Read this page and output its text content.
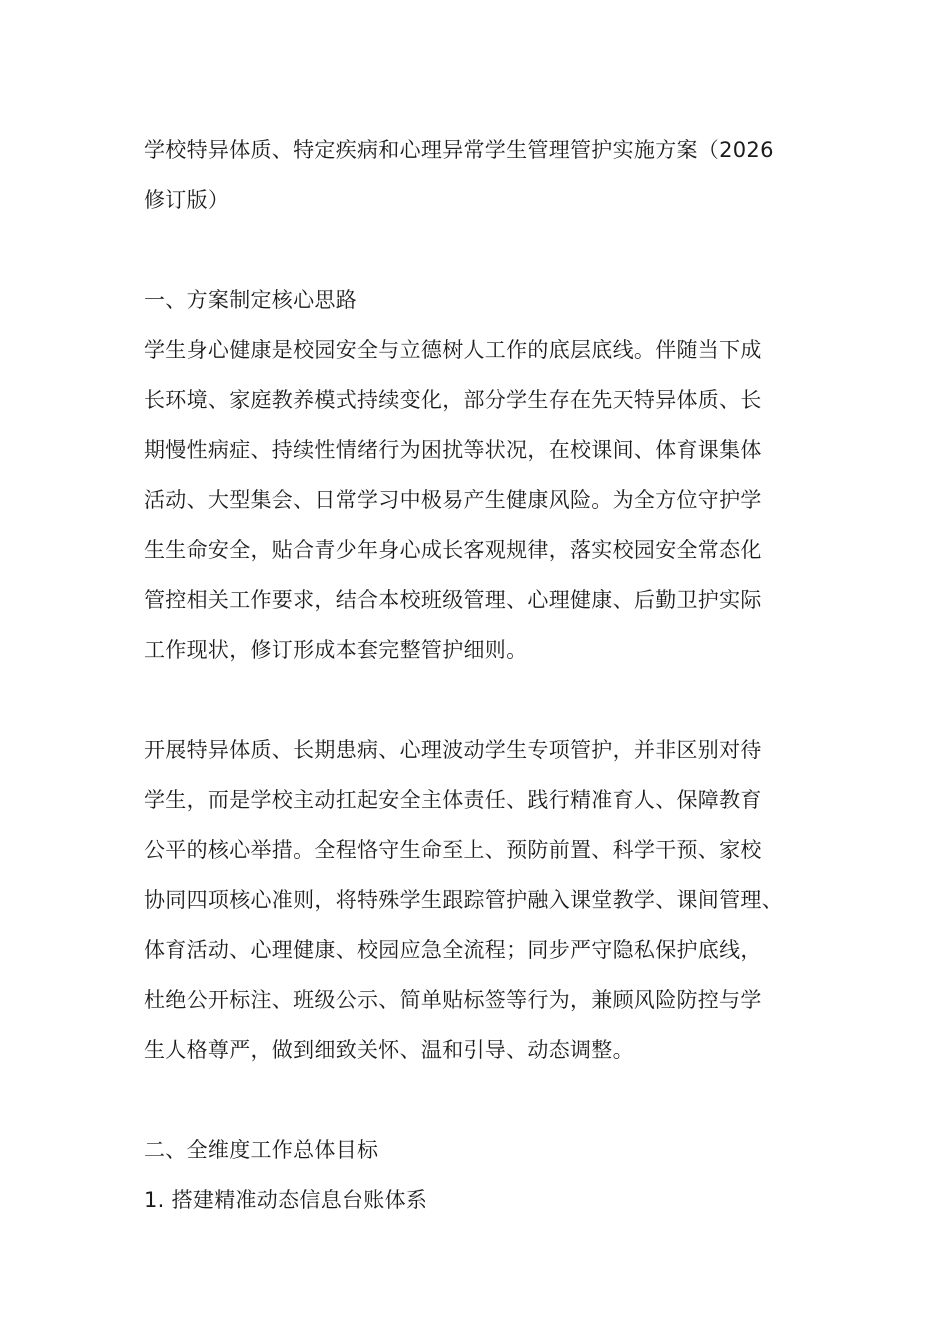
学校特异体质、特定疾病和心理异常学生管理管护实施方案（2026
修订版）
一、方案制定核心思路
学生身心健康是校园安全与立德树人工作的底层底线。伴随当下成
长环境、家庭教养模式持续变化，部分学生存在先天特异体质、长
期慢性病症、持续性情绪行为困扰等状况，在校课间、体育课集体
活动、大型集会、日常学习中极易产生健康风险。为全方位守护学
生生命安全，贴合青少年身心成长客观规律，落实校园安全常态化
管控相关工作要求，结合本校班级管理、心理健康、后勤卫护实际
工作现状，修订形成本套完整管护细则。
开展特异体质、长期患病、心理波动学生专项管护，并非区别对待
学生，而是学校主动扛起安全主体责任、践行精准育人、保障教育
公平的核心举措。全程恪守生命至上、预防前置、科学干预、家校
协同四项核心准则，将特殊学生跟踪管护融入课堂教学、课间管理、
体育活动、心理健康、校园应急全流程；同步严守隐私保护底线，
杜绝公开标注、班级公示、简单贴标签等行为，兼顾风险防控与学
生人格尊严，做到细致关怀、温和引导、动态调整。
二、全维度工作总体目标
1. 搭建精准动态信息台账体系
